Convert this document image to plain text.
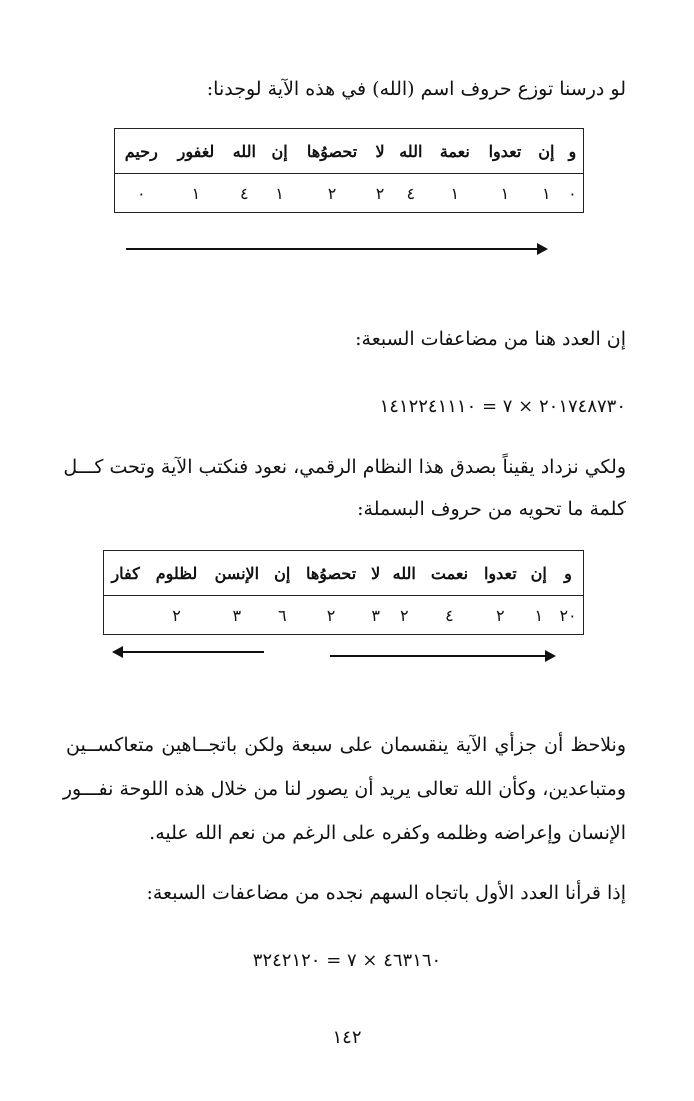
لو درسنا توزع حروف اسم (الله) في هذه الآية لوجدنا:
و	إن	تعدوا	نعمة	الله	لا	تحصوُها	إن	الله	لغفور	رحيم
٠	١	١	١	٤	٢	٢	١	٤	١	٠
إن العدد هنا من مضاعفات السبعة:
٢٠١٧٤٨٧٣٠ × ٧ = ١٤١٢٢٤١١١٠
ولكي نزداد يقيناً بصدق هذا النظام الرقمي، نعود فنكتب الآية وتحت كـــل
كلمة ما تحويه من حروف البسملة:
و	إن	تعدوا	نعمت	الله	لا	تحصوُها	إن	الإنسن	لظلوم	كفار
٢٠	١	٢	٤	٢	٣	٢	٦	٣	٢	
ونلاحظ أن جزأي الآية ينقسمان على سبعة ولكن باتجــاهين متعاكســين
ومتباعدين، وكأن الله تعالى يريد أن يصور لنا من خلال هذه اللوحة نفـــور
الإنسان وإعراضه وظلمه وكفره على الرغم من نعم الله عليه.
إذا قرأنا العدد الأول باتجاه السهم نجده من مضاعفات السبعة:
٤٦٣١٦٠ × ٧ = ٣٢٤٢١٢٠
١٤٢
